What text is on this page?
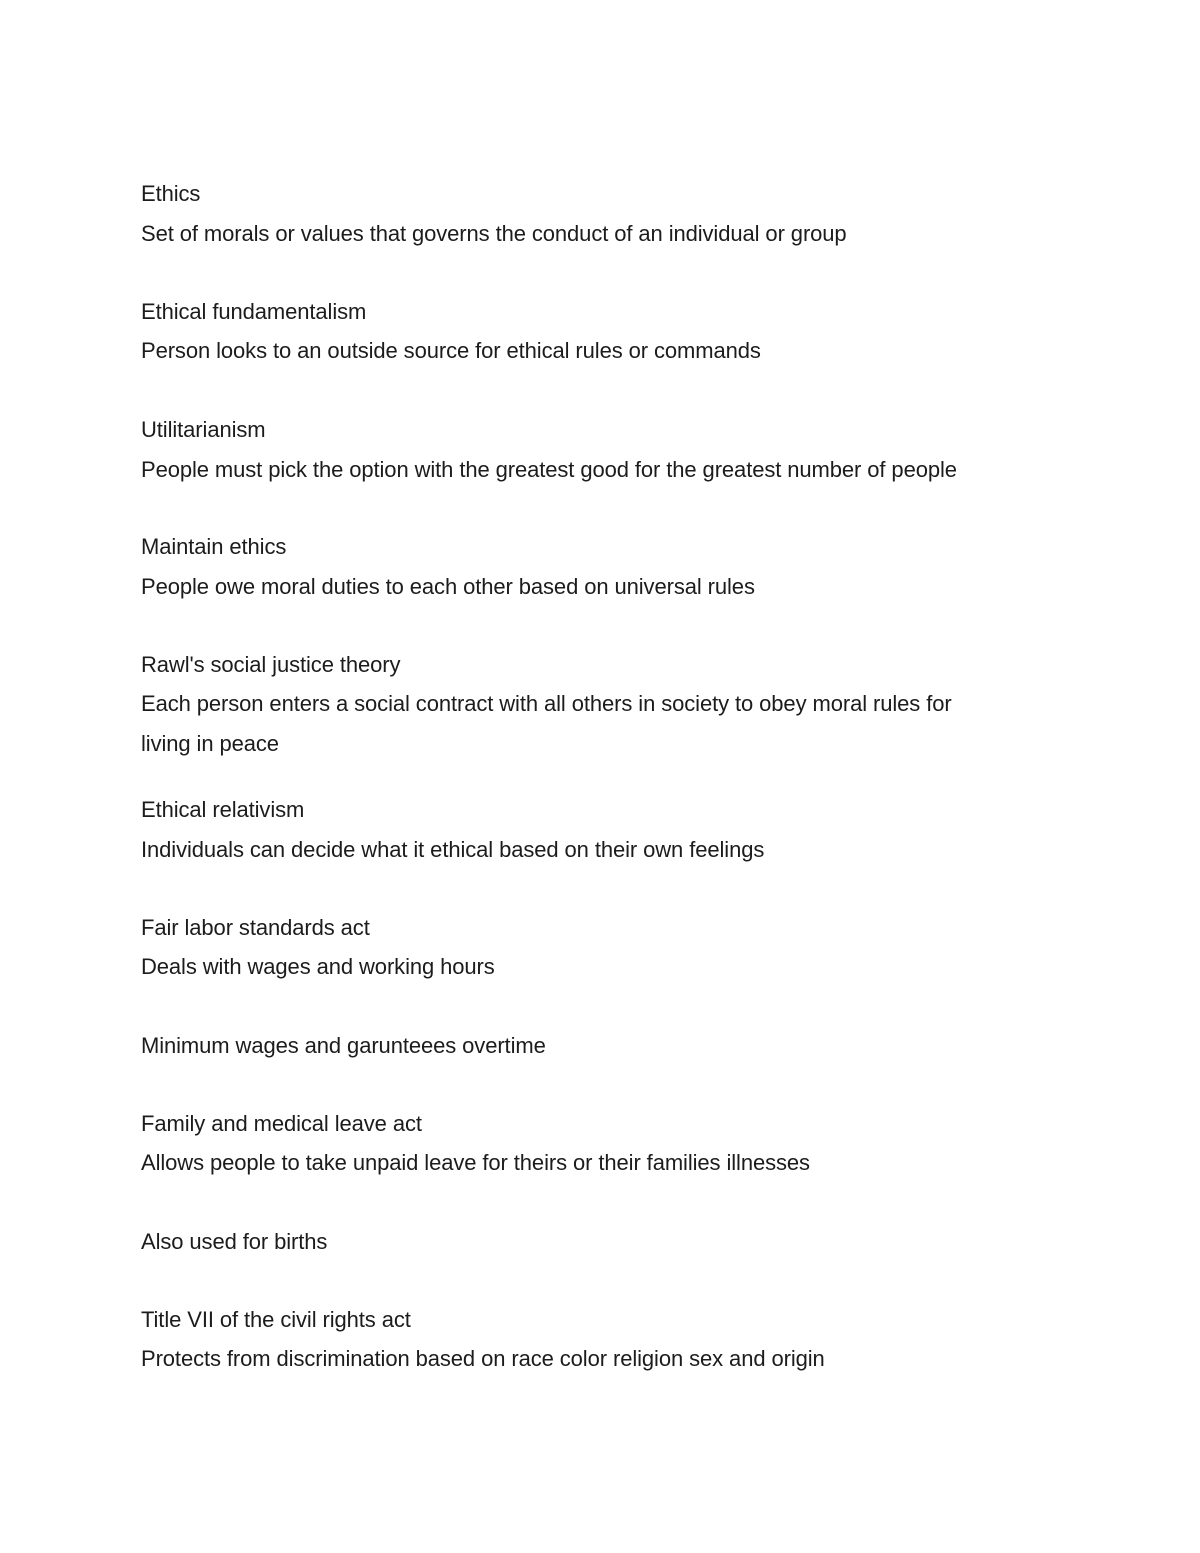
Ethics
Set of morals or values that governs the conduct of an individual or group
Ethical fundamentalism
Person looks to an outside source for ethical rules or commands
Utilitarianism
People must pick the option with the greatest good for the greatest number of people
Maintain ethics
People owe moral duties to each other based on universal rules
Rawl's social justice theory
Each person enters a social contract with all others in society to obey moral rules for
living in peace
Ethical relativism
Individuals can decide what it ethical based on their own feelings
Fair labor standards act
Deals with wages and working hours
Minimum wages and garunteees overtime
Family and medical leave act
Allows people to take unpaid leave for theirs or their families illnesses
Also used for births
Title VII of the civil rights act
Protects from discrimination based on race color religion sex and origin
